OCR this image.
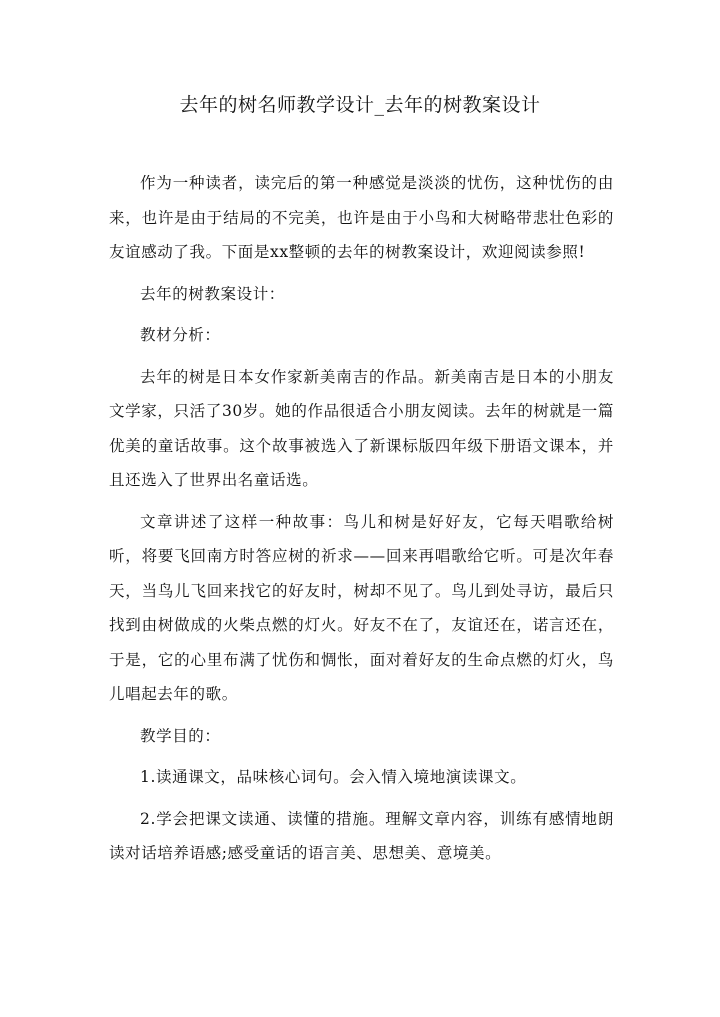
去年的树名师教学设计_去年的树教案设计

作为一种读者，读完后的第一种感觉是淡淡的忧伤，这种忧伤的由来，也许是由于结局的不完美，也许是由于小鸟和大树略带悲壮色彩的友谊感动了我。下面是xx整顿的去年的树教案设计，欢迎阅读参照!

去年的树教案设计：

教材分析：

去年的树是日本女作家新美南吉的作品。新美南吉是日本的小朋友文学家，只活了30岁。她的作品很适合小朋友阅读。去年的树就是一篇优美的童话故事。这个故事被选入了新课标版四年级下册语文课本，并且还选入了世界出名童话选。

文章讲述了这样一种故事：鸟儿和树是好好友，它每天唱歌给树听，将要飞回南方时答应树的祈求——回来再唱歌给它听。可是次年春天，当鸟儿飞回来找它的好友时，树却不见了。鸟儿到处寻访，最后只找到由树做成的火柴点燃的灯火。好友不在了，友谊还在，诺言还在，于是，它的心里布满了忧伤和惆怅，面对着好友的生命点燃的灯火，鸟儿唱起去年的歌。

教学目的：

1.读通课文，品味核心词句。会入情入境地演读课文。

2.学会把课文读通、读懂的措施。理解文章内容，训练有感情地朗读对话培养语感;感受童话的语言美、思想美、意境美。
